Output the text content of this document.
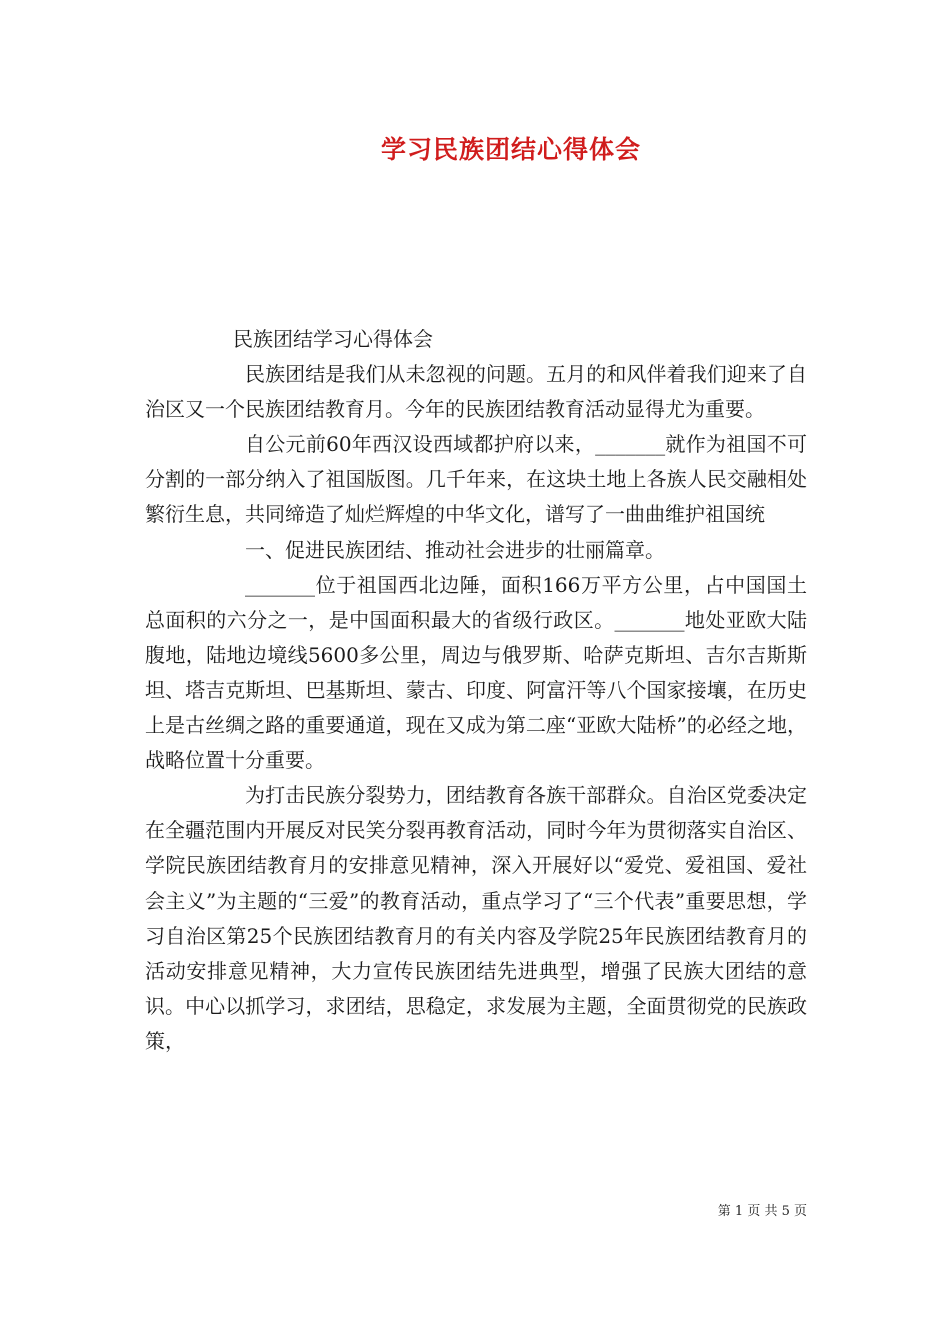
学习民族团结心得体会

民族团结学习心得体会

民族团结是我们从未忽视的问题。五月的和风伴着我们迎来了自治区又一个民族团结教育月。今年的民族团结教育活动显得尤为重要。

自公元前60年西汉设西域都护府以来，_______就作为祖国不可分割的一部分纳入了祖国版图。几千年来，在这块土地上各族人民交融相处繁衍生息，共同缔造了灿烂辉煌的中华文化，谱写了一曲曲维护祖国统

一、促进民族团结、推动社会进步的壮丽篇章。

_______位于祖国西北边陲，面积166万平方公里，占中国国土总面积的六分之一，是中国面积最大的省级行政区。_______地处亚欧大陆腹地，陆地边境线5600多公里，周边与俄罗斯、哈萨克斯坦、吉尔吉斯斯坦、塔吉克斯坦、巴基斯坦、蒙古、印度、阿富汗等八个国家接壤，在历史上是古丝绸之路的重要通道，现在又成为第二座“亚欧大陆桥”的必经之地，战略位置十分重要。

为打击民族分裂势力，团结教育各族干部群众。自治区党委决定在全疆范围内开展反对民笑分裂再教育活动，同时今年为贯彻落实自治区、学院民族团结教育月的安排意见精神，深入开展好以“爱党、爱祖国、爱社会主义”为主题的“三爱”的教育活动，重点学习了“三个代表”重要思想，学习自治区第25个民族团结教育月的有关内容及学院25年民族团结教育月的活动安排意见精神，大力宣传民族团结先进典型，增强了民族大团结的意识。中心以抓学习，求团结，思稳定，求发展为主题，全面贯彻党的民族政策，

第 1 页 共 5 页
